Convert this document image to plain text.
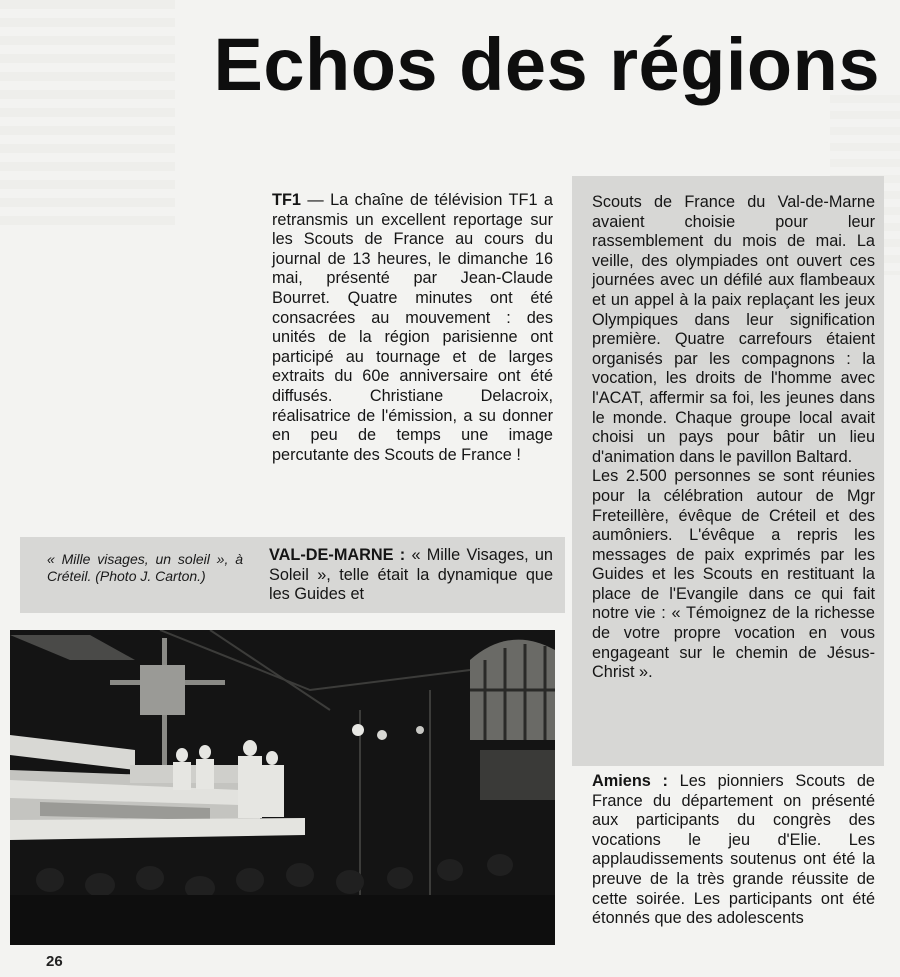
Echos des régions

TF1 — La chaîne de télévision TF1 a retransmis un excellent reportage sur les Scouts de France au cours du journal de 13 heures, le dimanche 16 mai, présenté par Jean-Claude Bourret. Quatre minutes ont été consacrées au mouvement : des unités de la région parisienne ont participé au tournage et de larges extraits du 60e anniversaire ont été diffusés. Christiane Delacroix, réalisatrice de l'émission, a su donner en peu de temps une image percutante des Scouts de France !

« Mille visages, un soleil », à Créteil. (Photo J. Carton.)
VAL-DE-MARNE : « Mille Visages, un Soleil », telle était la dynamique que les Guides et

Scouts de France du Val-de-Marne avaient choisie pour leur rassemblement du mois de mai. La veille, des olympiades ont ouvert ces journées avec un défilé aux flambeaux et un appel à la paix replaçant les jeux Olympiques dans leur signification première. Quatre carrefours étaient organisés par les compagnons : la vocation, les droits de l'homme avec l'ACAT, affermir sa foi, les jeunes dans le monde. Chaque groupe local avait choisi un pays pour bâtir un lieu d'animation dans le pavillon Baltard.

Les 2.500 personnes se sont réunies pour la célébration autour de Mgr Freteillère, évêque de Créteil et des aumôniers. L'évêque a repris les messages de paix exprimés par les Guides et les Scouts en restituant la place de l'Evangile dans ce qui fait notre vie : « Témoignez de la richesse de votre propre vocation en vous engageant sur le chemin de Jésus-Christ ».

Amiens : Les pionniers Scouts de France du département on présenté aux participants du congrès des vocations le jeu d'Elie. Les applaudissements soutenus ont été la preuve de la très grande réussite de cette soirée. Les participants ont été étonnés que des adolescents

26
